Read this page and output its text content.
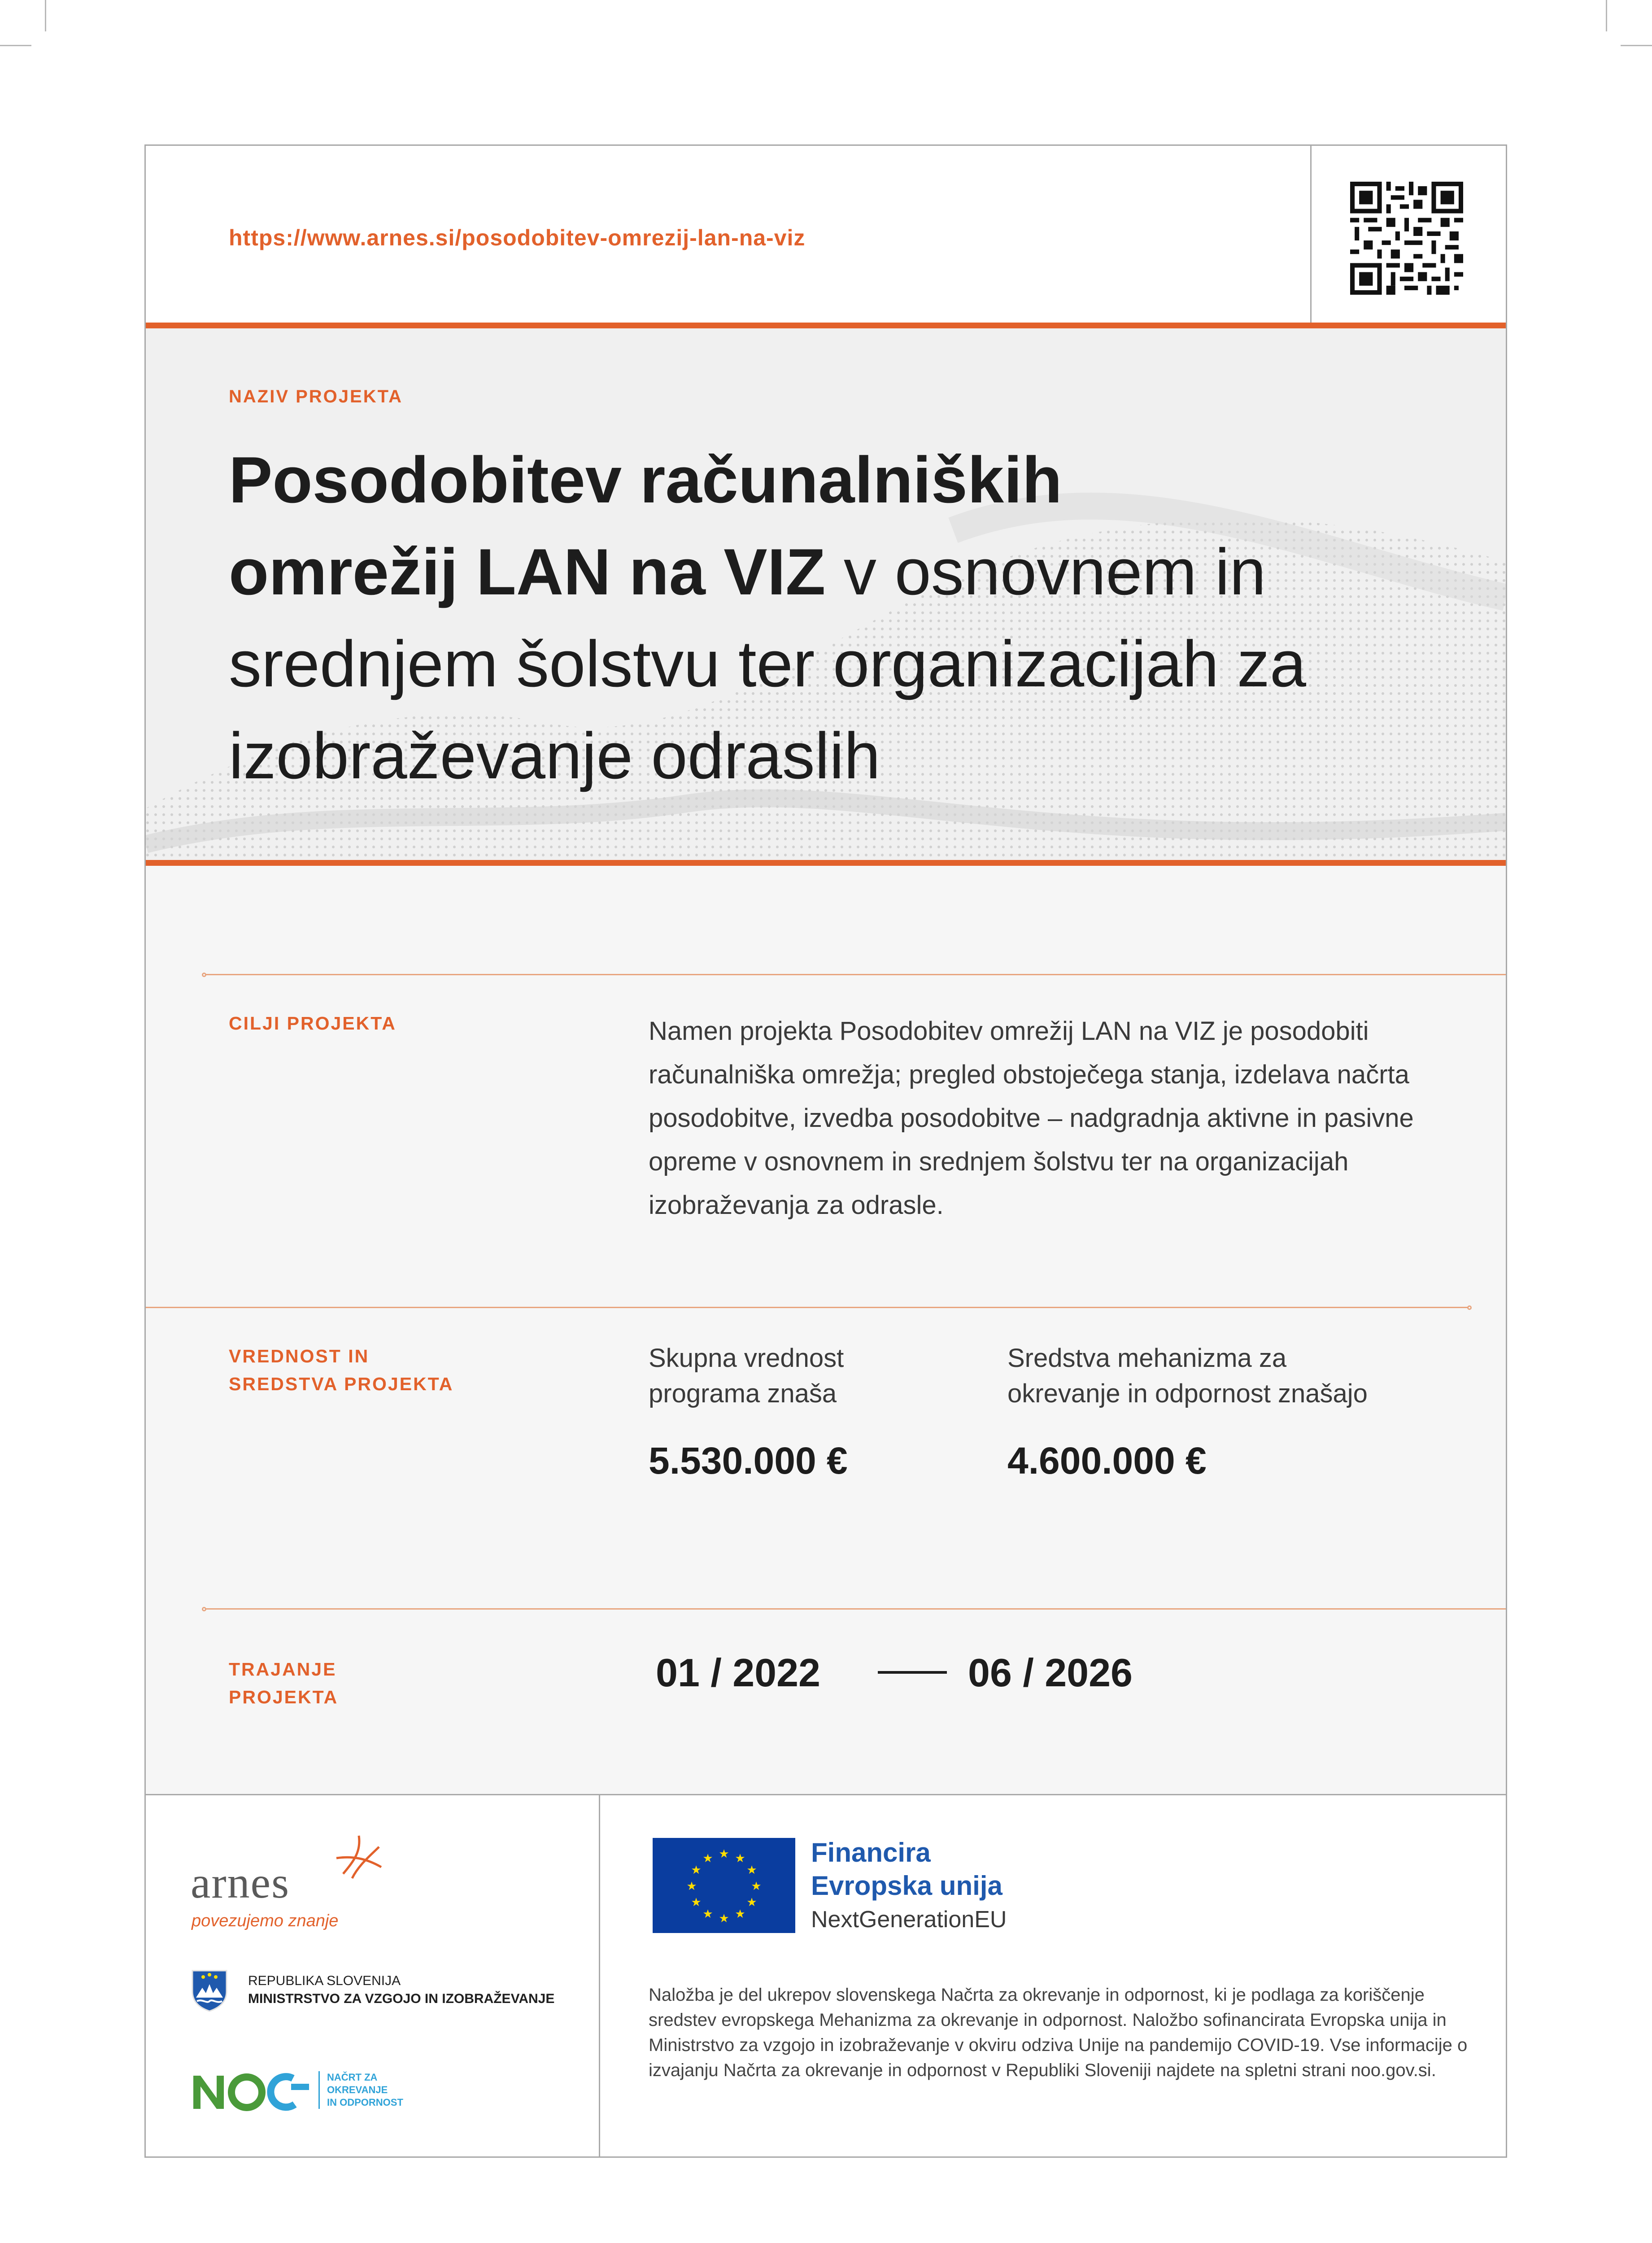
https://www.arnes.si/posodobitev-omrezij-lan-na-viz
NAZIV PROJEKTA
Posodobitev računalniških
omrežij LAN na VIZ v osnovnem in
srednjem šolstvu ter organizacijah za
izobraževanje odraslih
CILJI PROJEKTA	Namen projekta Posodobitev omrežij LAN na VIZ je posodobiti računalniška omrežja; pregled obstoječega stanja, izdelava načrta posodobitve, izvedba posodobitve – nadgradnja aktivne in pasivne opreme v osnovnem in srednjem šolstvu ter na organizacijah izobraževanja za odrasle.
VREDNOST IN
SREDSTVA PROJEKTA
Skupna vrednost
programa znaša
5.530.000 €
Sredstva mehanizma za
okrevanje in odpornost znašajo
4.600.000 €
TRAJANJE
PROJEKTA
01 / 2022	06 / 2026
arnes
povezujemo znanje
REPUBLIKA SLOVENIJA
MINISTRSTVO ZA VZGOJO IN IZOBRAŽEVANJE
NAČRT ZA
OKREVANJE
IN ODPORNOST
★ ★
★
★
★
★
★
★
★
★
★
★	Financira
Evropska unija
NextGenerationEU
Naložba je del ukrepov slovenskega Načrta za okrevanje in odpornost, ki je podlaga za koriščenje sredstev evropskega Mehanizma za okrevanje in odpornost. Naložbo sofinancirata Evropska unija in Ministrstvo za vzgojo in izobraževanje v okviru odziva Unije na pandemijo COVID-19. Vse informacije o izvajanju Načrta za okrevanje in odpornost v Republiki Sloveniji najdete na spletni strani noo.gov.si.
